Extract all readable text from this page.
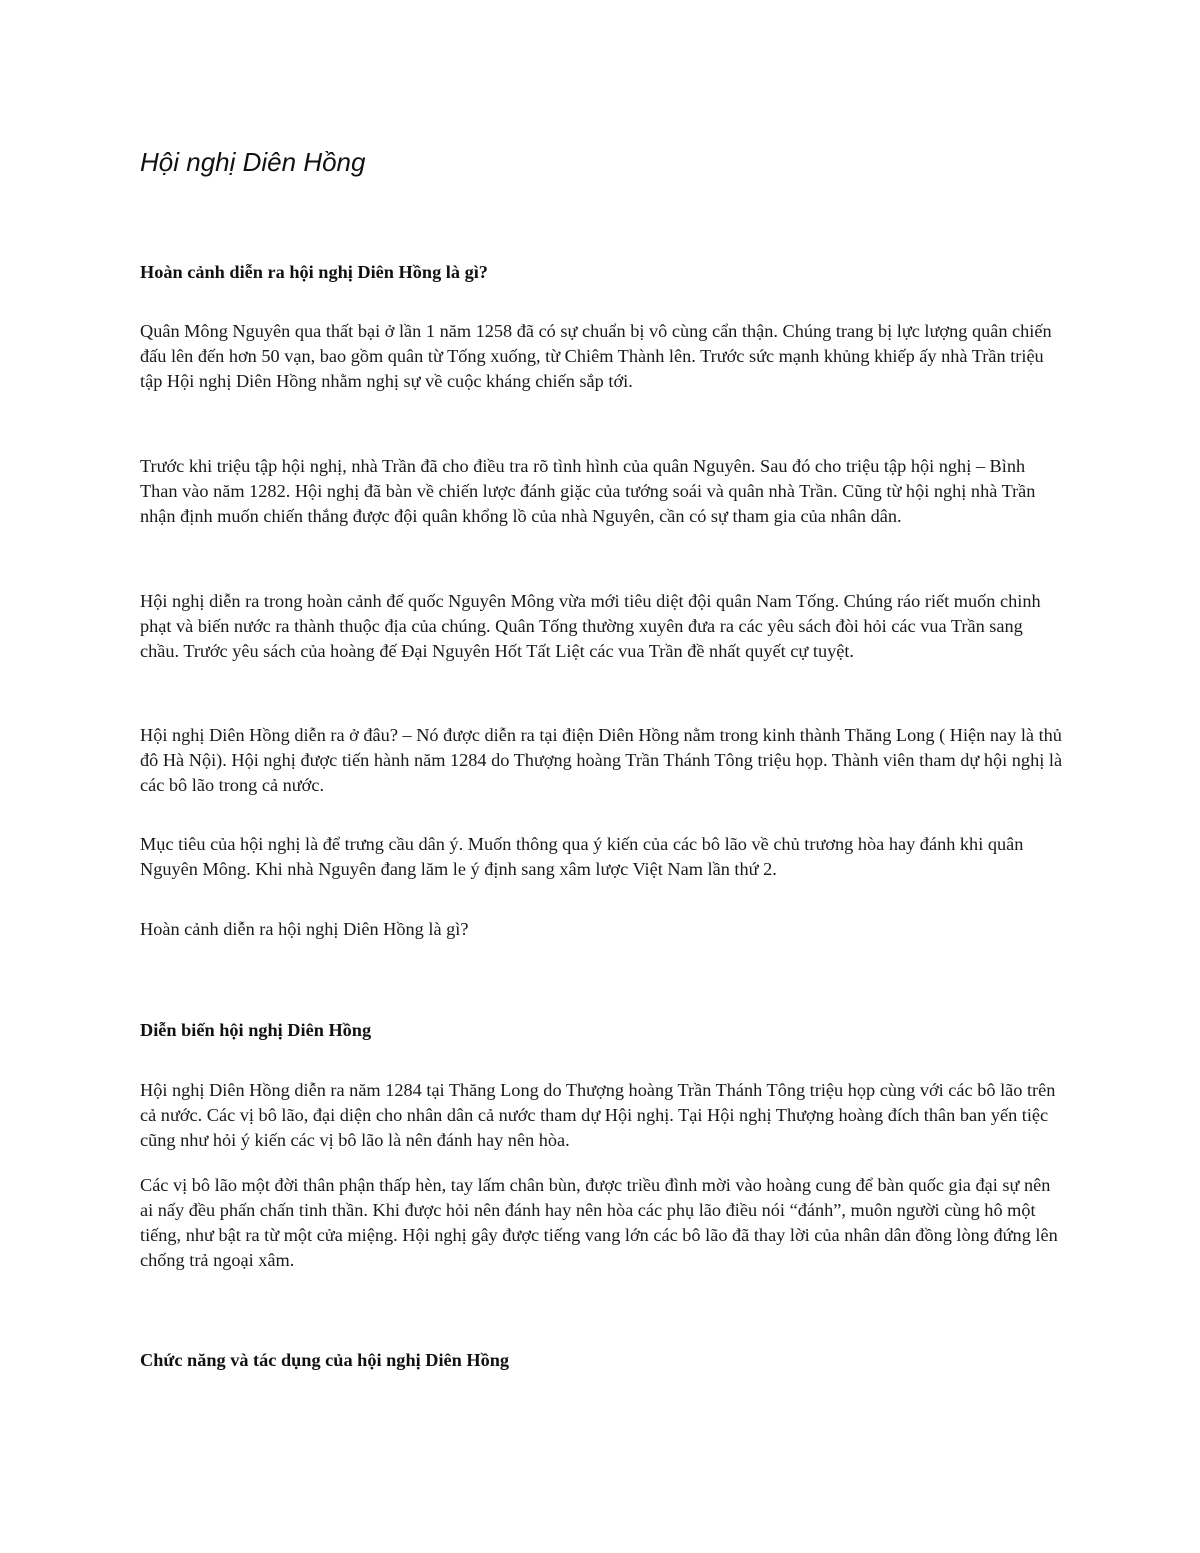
Hội nghị Diên Hồng

Hoàn cảnh diễn ra hội nghị Diên Hồng là gì?

Quân Mông Nguyên qua thất bại ở lần 1 năm 1258 đã có sự chuẩn bị vô cùng cẩn thận. Chúng trang bị lực lượng quân chiến đấu lên đến hơn 50 vạn, bao gồm quân từ Tống xuống, từ Chiêm Thành lên. Trước sức mạnh khủng khiếp ấy nhà Trần triệu tập Hội nghị Diên Hồng nhằm nghị sự về cuộc kháng chiến sắp tới.

Trước khi triệu tập hội nghị, nhà Trần đã cho điều tra rõ tình hình của quân Nguyên. Sau đó cho triệu tập hội nghị – Bình Than vào năm 1282. Hội nghị đã bàn về chiến lược đánh giặc của tướng soái và quân nhà Trần. Cũng từ hội nghị nhà Trần nhận định muốn chiến thắng được đội quân khổng lồ của nhà Nguyên, cần có sự tham gia của nhân dân.

Hội nghị diễn ra trong hoàn cảnh đế quốc Nguyên Mông vừa mới tiêu diệt đội quân Nam Tống. Chúng ráo riết muốn chinh phạt và biến nước ra thành thuộc địa của chúng. Quân Tống thường xuyên đưa ra các yêu sách đòi hỏi các vua Trần sang chầu. Trước yêu sách của hoàng đế Đại Nguyên Hốt Tất Liệt các vua Trần đề nhất quyết cự tuyệt.

Hội nghị Diên Hồng diễn ra ở đâu? – Nó được diễn ra tại điện Diên Hồng nằm trong kinh thành Thăng Long ( Hiện nay là thủ đô Hà Nội). Hội nghị được tiến hành năm 1284 do Thượng hoàng Trần Thánh Tông triệu họp. Thành viên tham dự hội nghị là các bô lão trong cả nước.

Mục tiêu của hội nghị là để trưng cầu dân ý. Muốn thông qua ý kiến của các bô lão về chủ trương hòa hay đánh khi quân Nguyên Mông. Khi nhà Nguyên đang lăm le ý định sang xâm lược Việt Nam lần thứ 2.

Hoàn cảnh diễn ra hội nghị Diên Hồng là gì?

Diễn biến hội nghị Diên Hồng

Hội nghị Diên Hồng diễn ra năm 1284 tại Thăng Long do Thượng hoàng Trần Thánh Tông triệu họp cùng với các bô lão trên cả nước. Các vị bô lão, đại diện cho nhân dân cả nước tham dự Hội nghị. Tại Hội nghị Thượng hoàng đích thân ban yến tiệc cũng như hỏi ý kiến các vị bô lão là nên đánh hay nên hòa.

Các vị bô lão một đời thân phận thấp hèn, tay lấm chân bùn, được triều đình mời vào hoàng cung để bàn quốc gia đại sự nên ai nấy đều phấn chấn tinh thần. Khi được hỏi nên đánh hay nên hòa các phụ lão điều nói “đánh”, muôn người cùng hô một tiếng, như bật ra từ một cửa miệng. Hội nghị gây được tiếng vang lớn các bô lão đã thay lời của nhân dân đồng lòng đứng lên chống trả ngoại xâm.

Chức năng và tác dụng của hội nghị Diên Hồng
